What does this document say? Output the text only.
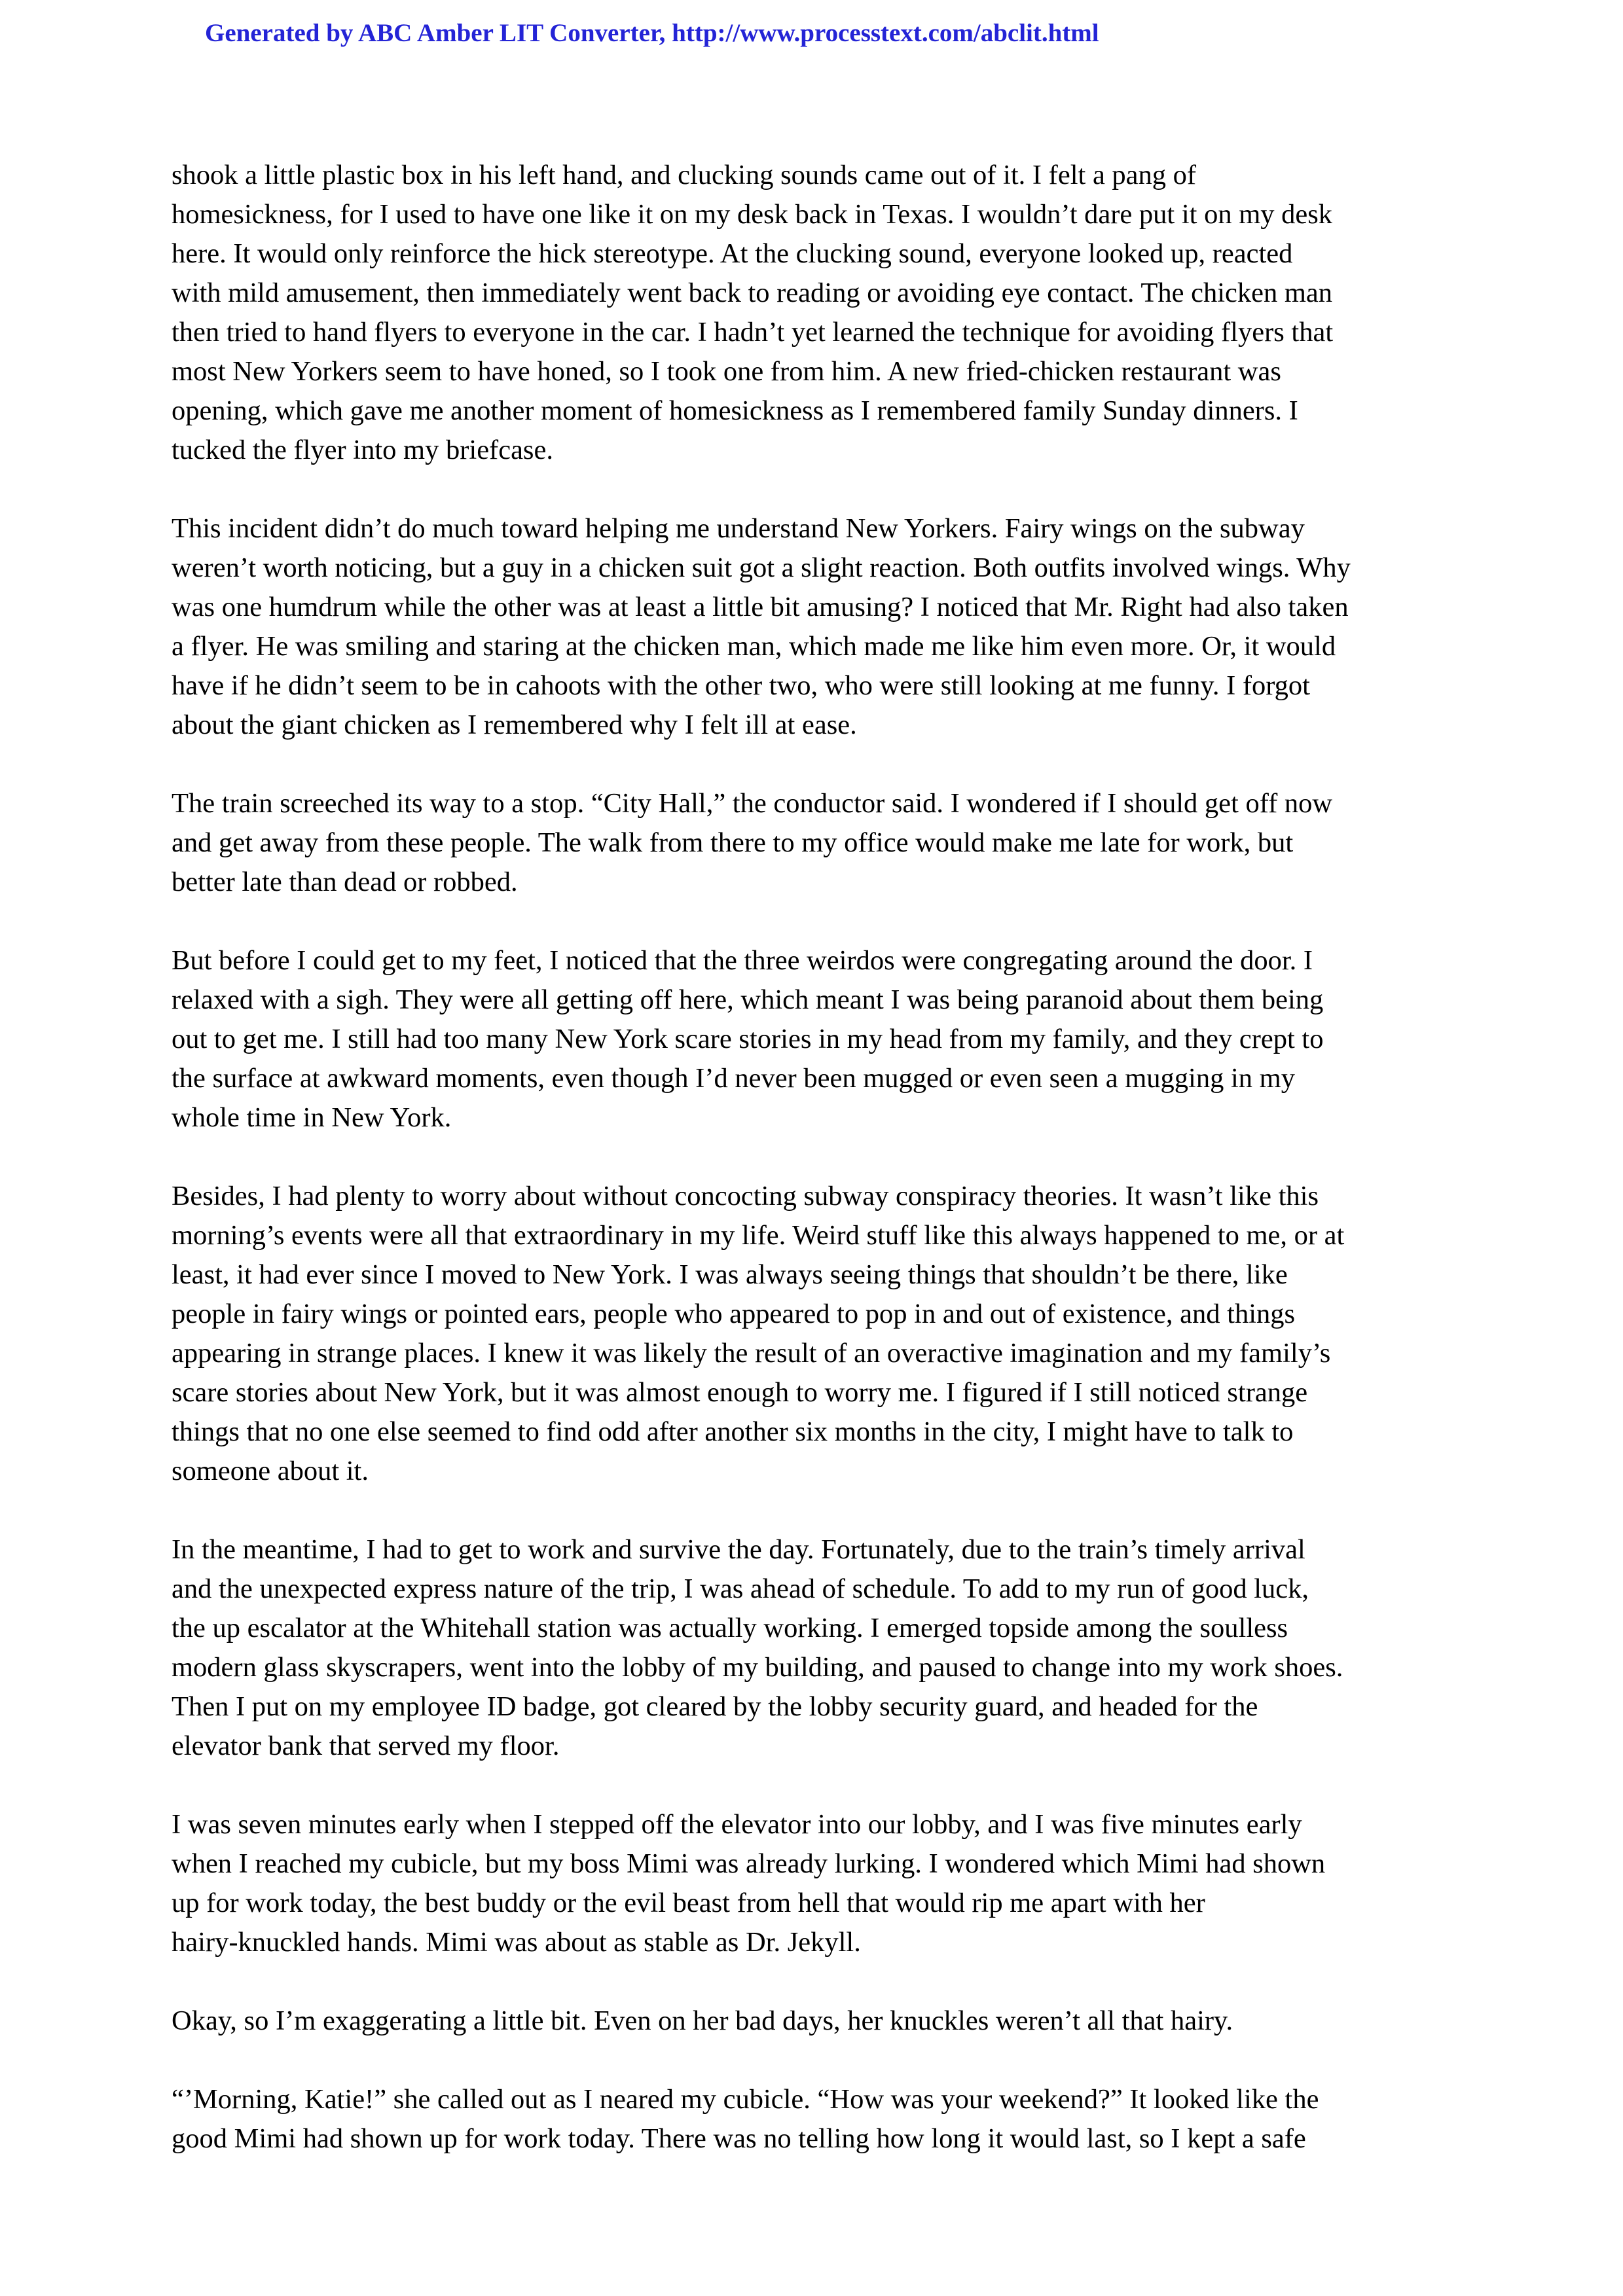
Generated by ABC Amber LIT Converter, http://www.processtext.com/abclit.html
shook a little plastic box in his left hand, and clucking sounds came out of it. I felt a pang of
homesickness, for I used to have one like it on my desk back in Texas. I wouldn’t dare put it on my desk
here. It would only reinforce the hick stereotype. At the clucking sound, everyone looked up, reacted
with mild amusement, then immediately went back to reading or avoiding eye contact. The chicken man
then tried to hand flyers to everyone in the car. I hadn’t yet learned the technique for avoiding flyers that
most New Yorkers seem to have honed, so I took one from him. A new fried-chicken restaurant was
opening, which gave me another moment of homesickness as I remembered family Sunday dinners. I
tucked the flyer into my briefcase.
This incident didn’t do much toward helping me understand New Yorkers. Fairy wings on the subway
weren’t worth noticing, but a guy in a chicken suit got a slight reaction. Both outfits involved wings. Why
was one humdrum while the other was at least a little bit amusing? I noticed that Mr. Right had also taken
a flyer. He was smiling and staring at the chicken man, which made me like him even more. Or, it would
have if he didn’t seem to be in cahoots with the other two, who were still looking at me funny. I forgot
about the giant chicken as I remembered why I felt ill at ease.
The train screeched its way to a stop. “City Hall,” the conductor said. I wondered if I should get off now
and get away from these people. The walk from there to my office would make me late for work, but
better late than dead or robbed.
But before I could get to my feet, I noticed that the three weirdos were congregating around the door. I
relaxed with a sigh. They were all getting off here, which meant I was being paranoid about them being
out to get me. I still had too many New York scare stories in my head from my family, and they crept to
the surface at awkward moments, even though I’d never been mugged or even seen a mugging in my
whole time in New York.
Besides, I had plenty to worry about without concocting subway conspiracy theories. It wasn’t like this
morning’s events were all that extraordinary in my life. Weird stuff like this always happened to me, or at
least, it had ever since I moved to New York. I was always seeing things that shouldn’t be there, like
people in fairy wings or pointed ears, people who appeared to pop in and out of existence, and things
appearing in strange places. I knew it was likely the result of an overactive imagination and my family’s
scare stories about New York, but it was almost enough to worry me. I figured if I still noticed strange
things that no one else seemed to find odd after another six months in the city, I might have to talk to
someone about it.
In the meantime, I had to get to work and survive the day. Fortunately, due to the train’s timely arrival
and the unexpected express nature of the trip, I was ahead of schedule. To add to my run of good luck,
the up escalator at the Whitehall station was actually working. I emerged topside among the soulless
modern glass skyscrapers, went into the lobby of my building, and paused to change into my work shoes.
Then I put on my employee ID badge, got cleared by the lobby security guard, and headed for the
elevator bank that served my floor.
I was seven minutes early when I stepped off the elevator into our lobby, and I was five minutes early
when I reached my cubicle, but my boss Mimi was already lurking. I wondered which Mimi had shown
up for work today, the best buddy or the evil beast from hell that would rip me apart with her
hairy-knuckled hands. Mimi was about as stable as Dr. Jekyll.
Okay, so I’m exaggerating a little bit. Even on her bad days, her knuckles weren’t all that hairy.
“’Morning, Katie!” she called out as I neared my cubicle. “How was your weekend?” It looked like the
good Mimi had shown up for work today. There was no telling how long it would last, so I kept a safe
